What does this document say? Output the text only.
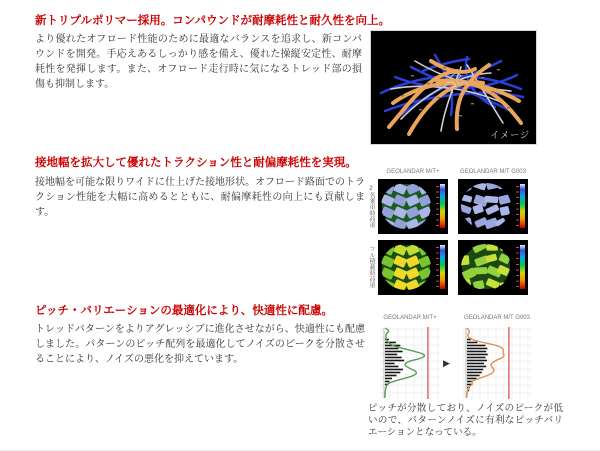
新トリプルポリマー採用。コンパウンドが耐摩耗性と耐久性を向上。

より優れたオフロード性能のために最適なバランスを追求し、新コンパウンドを開発。手応えあるしっかり感を備え、優れた操縦安定性、耐摩耗性を発揮します。また、オフロード走行時に気になるトレッド部の損傷も抑制します。

イメージ
接地幅を拡大して優れたトラクション性と耐偏摩耗性を実現。

接地幅を可能な限りワイドに仕上げた接地形状。オフロード路面でのトラクション性能を大幅に高めるとともに、耐偏摩耗性の向上にも貢献します。

GEOLANDAR M/T+	GEOLANDAR M/T G003
2名乗車時荷重
フル積載時荷重
ピッチ・バリエーションの最適化により、快適性に配慮。

トレッドパターンをよりアグレッシブに進化させながら、快適性にも配慮しました。パターンのピッチ配列を最適化してノイズのピークを分散させることにより、ノイズの悪化を抑えています。

GEOLANDAR M/T+	GEOLANDAR M/T G003
▶

ピッチが分散しており、ノイズのピークが低いので、パターンノイズに有利なピッチバリエーションとなっている。
